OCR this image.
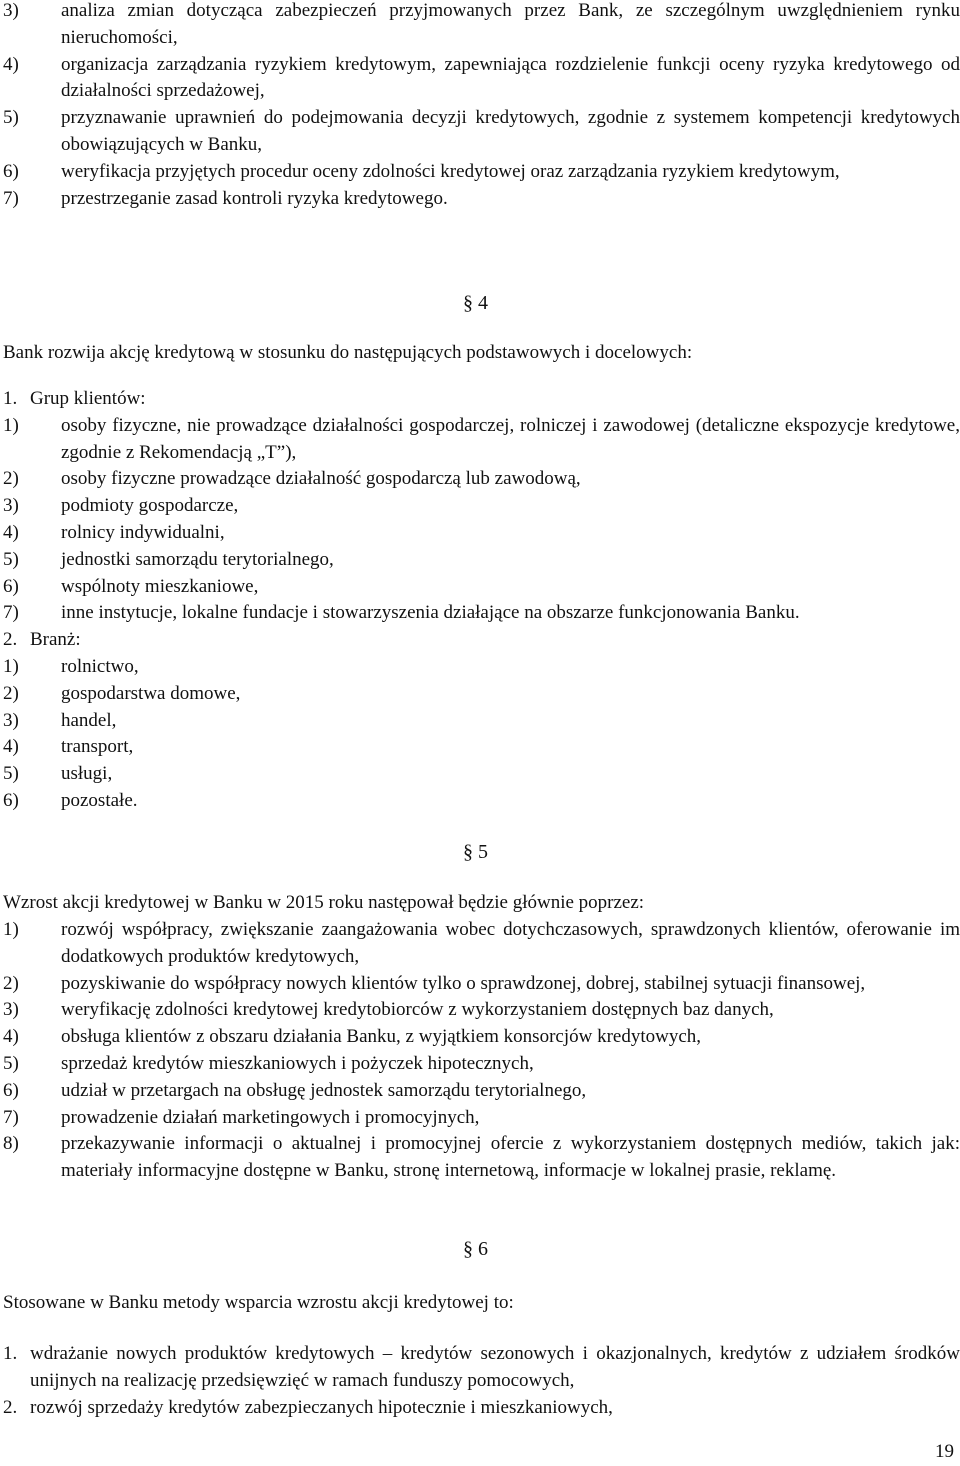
3)	analiza zmian dotycząca zabezpieczeń przyjmowanych przez Bank, ze szczególnym uwzględnieniem rynku nieruchomości,
4)	organizacja zarządzania ryzykiem kredytowym, zapewniająca rozdzielenie funkcji oceny ryzyka kredytowego od działalności sprzedażowej,
5)	przyznawanie uprawnień do podejmowania decyzji kredytowych, zgodnie z systemem kompetencji kredytowych obowiązujących w Banku,
6)	weryfikacja przyjętych procedur oceny zdolności kredytowej oraz zarządzania ryzykiem kredytowym,
7)	przestrzeganie zasad kontroli ryzyka kredytowego.
§ 4
Bank rozwija akcję kredytową w stosunku do następujących podstawowych i docelowych:
1. Grup klientów:
1)	osoby fizyczne, nie prowadzące działalności gospodarczej, rolniczej i zawodowej (detaliczne ekspozycje kredytowe, zgodnie z Rekomendacją „T”),
2)	osoby fizyczne prowadzące działalność gospodarczą lub zawodową,
3)	podmioty gospodarcze,
4)	rolnicy indywidualni,
5)	jednostki samorządu terytorialnego,
6)	wspólnoty mieszkaniowe,
7)	inne instytucje, lokalne fundacje i stowarzyszenia działające na obszarze funkcjonowania Banku.
2. Branż:
1)	rolnictwo,
2)	gospodarstwa domowe,
3)	handel,
4)	transport,
5)	usługi,
6)	pozostałe.
§ 5
Wzrost akcji kredytowej w Banku w 2015 roku następował będzie głównie poprzez:
1)	rozwój współpracy, zwiększanie zaangażowania wobec dotychczasowych, sprawdzonych klientów, oferowanie im dodatkowych produktów kredytowych,
2)	pozyskiwanie do współpracy nowych klientów tylko o sprawdzonej, dobrej, stabilnej sytuacji finansowej,
3)	weryfikację zdolności kredytowej kredytobiorców z wykorzystaniem dostępnych baz danych,
4)	obsługa klientów z obszaru działania Banku, z wyjątkiem konsorcjów kredytowych,
5)	sprzedaż kredytów mieszkaniowych i pożyczek hipotecznych,
6)	udział w przetargach na obsługę jednostek samorządu terytorialnego,
7)	prowadzenie działań marketingowych i promocyjnych,
8)	przekazywanie informacji o aktualnej i promocyjnej ofercie z wykorzystaniem dostępnych mediów, takich jak: materiały informacyjne dostępne w Banku, stronę internetową, informacje w lokalnej prasie, reklamę.
§ 6
Stosowane w Banku metody wsparcia wzrostu akcji kredytowej to:
1. wdrażanie nowych produktów kredytowych – kredytów sezonowych i okazjonalnych, kredytów z udziałem środków unijnych na realizację przedsięwzięć w ramach funduszy pomocowych,
2. rozwój sprzedaży kredytów zabezpieczanych hipotecznie i mieszkaniowych,
19
